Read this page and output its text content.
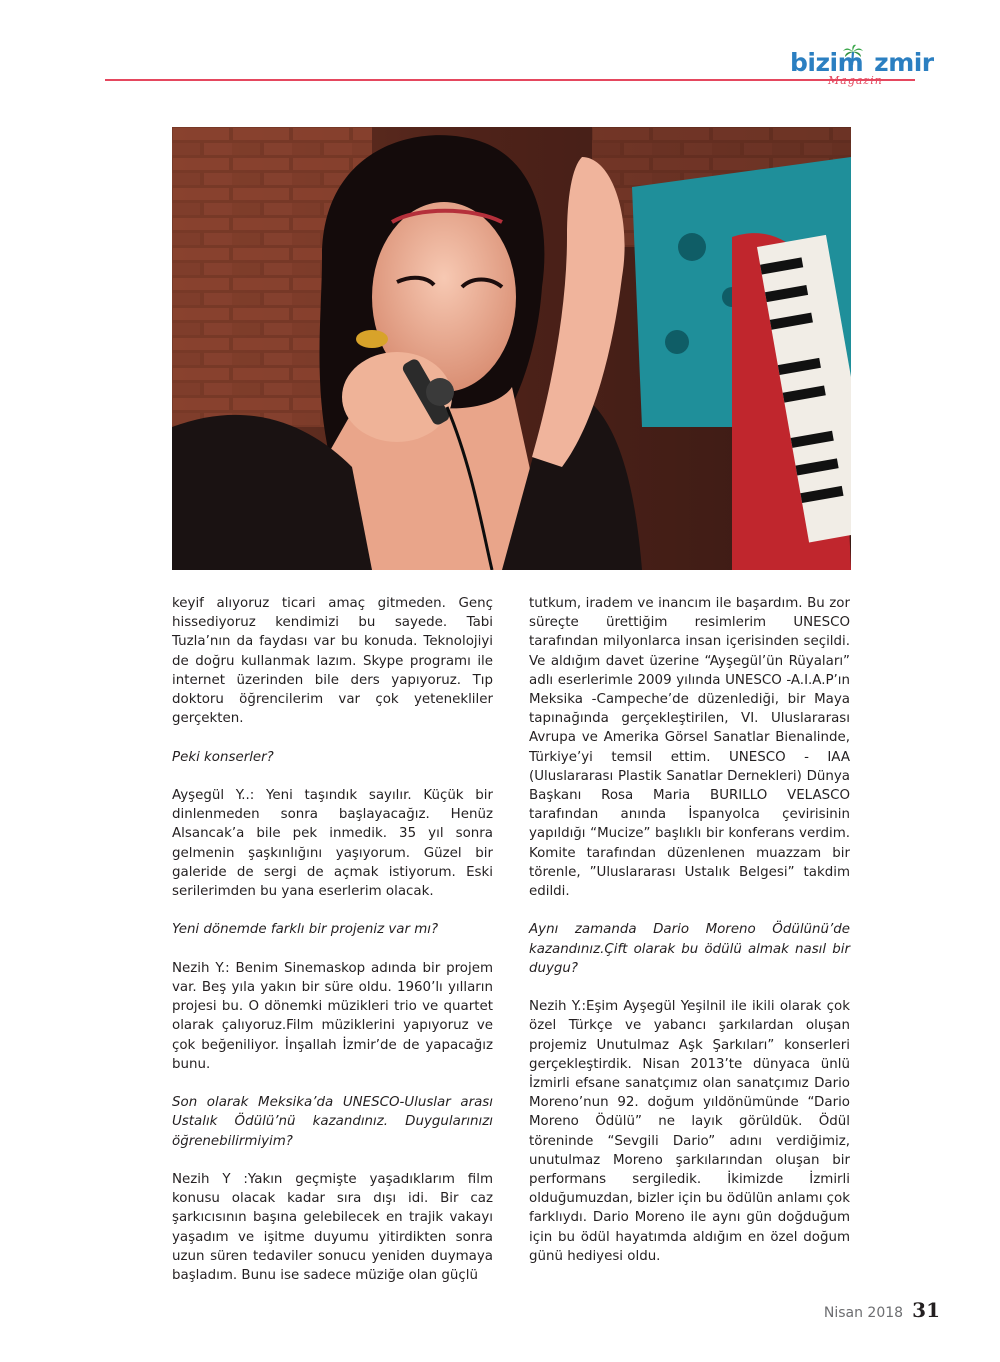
bizim zmir
Magazin

keyif alıyoruz ticari amaç gitmeden. Genç hissediyoruz kendimizi bu sayede. Tabi Tuzla’nın da faydası var bu konuda. Teknolojiyi de doğru kullanmak lazım. Skype programı ile internet üzerinden bile ders yapıyoruz. Tıp doktoru öğrencilerim var çok yetenekliler gerçekten.

Peki konserler?

Ayşegül Y..: Yeni taşındık sayılır. Küçük bir dinlenmeden sonra başlayacağız. Henüz Alsancak’a bile pek inmedik. 35 yıl sonra gelmenin şaşkınlığını yaşıyorum. Güzel bir galeride de sergi de açmak istiyorum. Eski serilerimden bu yana eserlerim olacak.

Yeni dönemde farklı bir projeniz var mı?

Nezih Y.: Benim Sinemaskop adında bir projem var. Beş yıla yakın bir süre oldu. 1960’lı yılların projesi bu. O dönemki müzikleri trio ve quartet olarak çalıyoruz.Film müziklerini yapıyoruz ve çok beğeniliyor. İnşallah İzmir’de de yapacağız bunu.

Son olarak Meksika’da UNESCO-Uluslar arası Ustalık Ödülü’nü kazandınız. Duygularınızı öğrenebilirmiyim?

Nezih Y :Yakın geçmişte yaşadıklarım film konusu olacak kadar sıra dışı idi. Bir caz şarkıcısının başına gelebilecek en trajik vakayı yaşadım ve işitme duyumu yitirdikten sonra uzun süren tedaviler sonucu yeniden duymaya başladım. Bunu ise sadece müziğe olan güçlü

tutkum, iradem ve inancım ile başardım. Bu zor süreçte ürettiğim resimlerim UNESCO tarafından milyonlarca insan içerisinden seçildi. Ve aldığım davet üzerine “Ayşegül’ün Rüyaları” adlı eserlerimle 2009 yılında UNESCO -A.I.A.P’ın Meksika -Campeche’de düzenlediği, bir Maya tapınağında gerçekleştirilen, VI. Uluslararası Avrupa ve Amerika Görsel Sanatlar Bienalinde, Türkiye’yi temsil ettim. UNESCO - IAA (Uluslararası Plastik Sanatlar Dernekleri) Dünya Başkanı Rosa Maria BURILLO VELASCO tarafından anında İspanyolca çevirisinin yapıldığı “Mucize” başlıklı bir konferans verdim. Komite tarafından düzenlenen muazzam bir törenle, ”Uluslararası Ustalık Belgesi” takdim edildi.

Aynı zamanda Dario Moreno Ödülünü’de kazandınız.Çift olarak bu ödülü almak nasıl bir duygu?

Nezih Y.:Eşim Ayşegül Yeşilnil ile ikili olarak çok özel Türkçe ve yabancı şarkılardan oluşan projemiz Unutulmaz Aşk Şarkıları” konserleri gerçekleştirdik. Nisan 2013’te dünyaca ünlü İzmirli efsane sanatçımız olan sanatçımız Dario Moreno’nun 92. doğum yıldönümünde “Dario Moreno Ödülü” ne layık görüldük. Ödül töreninde “Sevgili Dario” adını verdiğimiz, unutulmaz Moreno şarkılarından oluşan bir performans sergiledik. İkimizde İzmirli olduğumuzdan, bizler için bu ödülün anlamı çok farklıydı. Dario Moreno ile aynı gün doğduğum için bu ödül hayatımda aldığım en özel doğum günü hediyesi oldu.

Nisan 2018 31
